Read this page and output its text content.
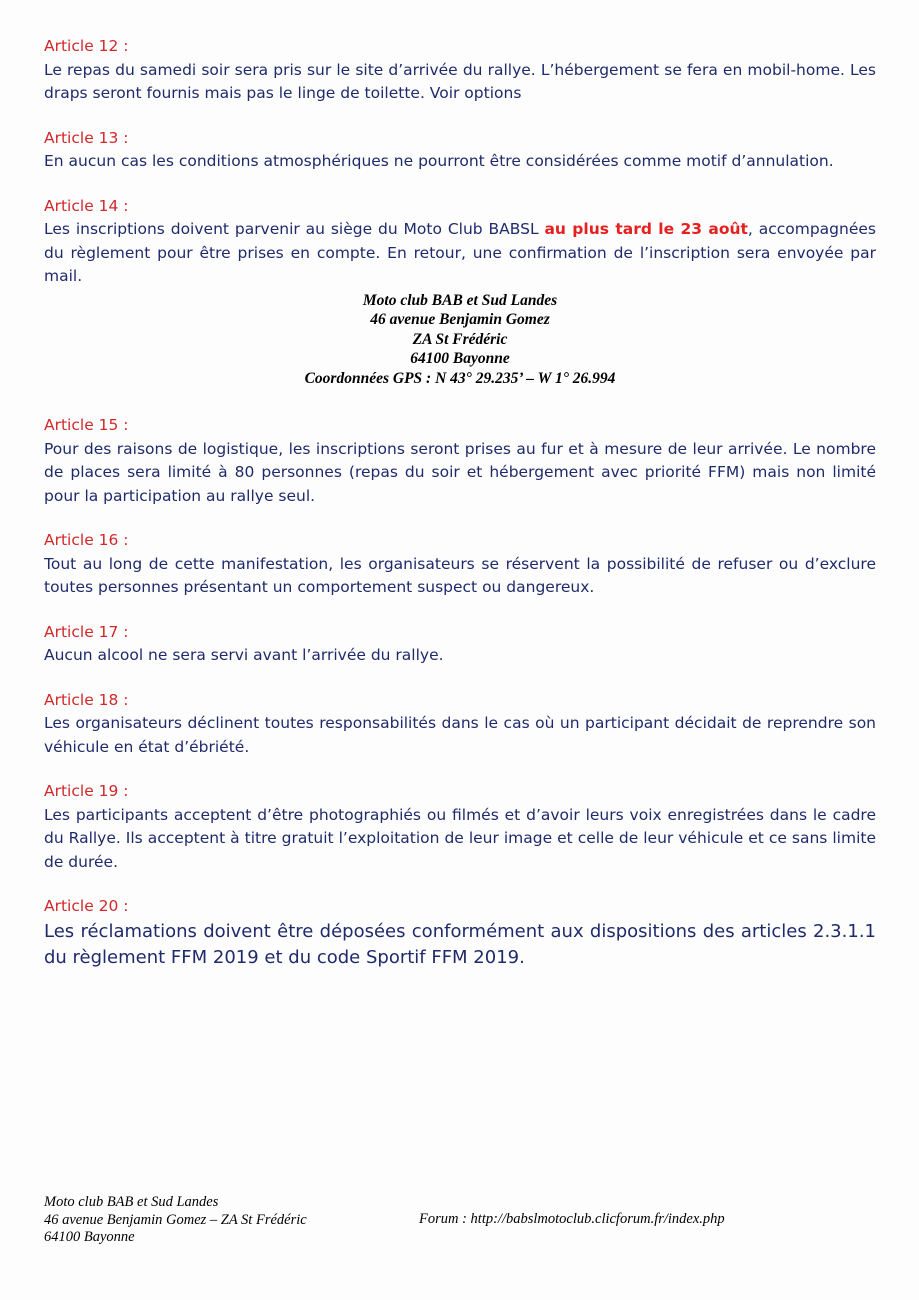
Article 12 :
Le repas du samedi soir sera pris sur le site d’arrivée du rallye. L’hébergement se fera en mobil-home. Les draps seront fournis mais pas le linge de toilette. Voir options
Article 13 :
En aucun cas les conditions atmosphériques ne pourront être considérées comme motif d’annulation.
Article 14 :
Les inscriptions doivent parvenir au siège du Moto Club BABSL au plus tard le 23 août, accompagnées du règlement pour être prises en compte. En retour, une confirmation de l’inscription sera envoyée par mail.
Moto club BAB et Sud Landes
46 avenue Benjamin Gomez
ZA St Frédéric
64100 Bayonne
Coordonnées GPS : N 43° 29.235’ – W 1° 26.994
Article 15 :
Pour des raisons de logistique, les inscriptions seront prises au fur et à mesure de leur arrivée. Le nombre de places sera limité à 80 personnes (repas du soir et hébergement avec priorité FFM) mais non limité pour la participation au rallye seul.
Article 16 :
Tout au long de cette manifestation, les organisateurs se réservent la possibilité de refuser ou d’exclure toutes personnes présentant un comportement suspect ou dangereux.
Article 17 :
Aucun alcool ne sera servi avant l’arrivée du rallye.
Article 18 :
Les organisateurs déclinent toutes responsabilités dans le cas où un participant décidait de reprendre son véhicule en état d’ébriété.
Article 19 :
Les participants acceptent d’être photographiés ou filmés et d’avoir leurs voix enregistrées dans le cadre du Rallye. Ils acceptent à titre gratuit l’exploitation de leur image et celle de leur véhicule et ce sans limite de durée.
Article 20 :
Les réclamations doivent être déposées conformément aux dispositions des articles 2.3.1.1 du règlement FFM 2019 et du code Sportif FFM 2019.
Moto club BAB et Sud Landes
46 avenue Benjamin Gomez – ZA St Frédéric
64100 Bayonne
Forum : http://babslmotoclub.clicforum.fr/index.php
